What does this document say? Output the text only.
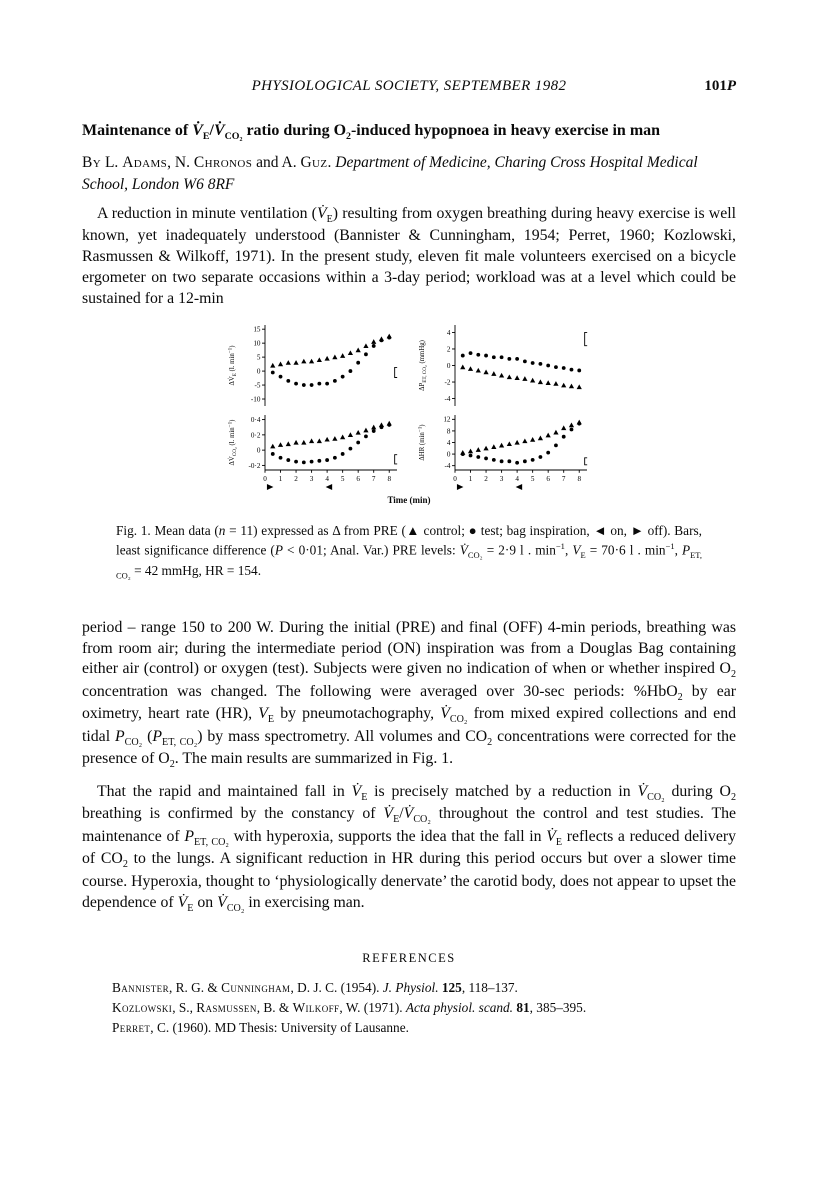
PHYSIOLOGICAL SOCIETY, SEPTEMBER 1982	101P
Maintenance of $V̇_E/V̇_{CO_2}$ ratio during $O_2$-induced hypopnoea in heavy exercise in man

By L. Adams, N. Chronos and A. Guz. Department of Medicine, Charing Cross Hospital Medical School, London W6 8RF

A reduction in minute ventilation $(V̇_E)$ resulting from oxygen breathing during heavy exercise is well known, yet inadequately understood (Bannister & Cunningham, 1954; Perret, 1960; Kozlowski, Rasmussen & Wilkoff, 1971). In the present study, eleven fit male volunteers exercised on a bicycle ergometer on two separate occasions within a 3-day period; workload was at a level which could be sustained for a 12-min

15
10
5
0
-5
-10
$\Delta V̇_E$ (l. $\min^{-1}$)
4
2
0
-2
-4
$\Delta P_{ET, CO_2}$ (mmHg)
0·4
0·2
0
-0·2
0 1 2 3 4 5 6 7 8
$\Delta V̇_{CO_2}$ (l. $\min^{-1}$)	12
8
4
0
-4
0 1 2 3 4 5 6 7 8
ΔHR $(\min^{-1})$
Time (min)
Fig. 1. Mean data (n = 11) expressed as Δ from PRE (▲ control; ● test; bag inspiration, ◄ on, ► off). Bars, least significance difference (P < 0·01; Anal. Var.) PRE levels: $V̇_{CO_2} = 2\cdot 9$ l . $\min^{-1}$, $V_E = 70\cdot 6$ l . $\min^{-1}$, $P_{ET, CO_2} = 42$ mmHg, HR = 154.

period – range 150 to 200 W. During the initial (PRE) and final (OFF) 4-min periods, breathing was from room air; during the intermediate period (ON) inspiration was from a Douglas Bag containing either air (control) or oxygen (test). Subjects were given no indication of when or whether inspired $O_2$ concentration was changed. The following were averaged over 30-sec periods: %HbO$_2$ by ear oximetry, heart rate (HR), $V_E$ by pneumotachography, $V̇_{CO_2}$ from mixed expired collections and end tidal $P_{CO_2}$ $(P_{ET, CO_2})$ by mass spectrometry. All volumes and $CO_2$ concentrations were corrected for the presence of $O_2$. The main results are summarized in Fig. 1.

That the rapid and maintained fall in $V̇_E$ is precisely matched by a reduction in $V̇_{CO_2}$ during $O_2$ breathing is confirmed by the constancy of $V̇_E/V̇_{CO_2}$ throughout the control and test studies. The maintenance of $P_{ET, CO_2}$ with hyperoxia, supports the idea that the fall in $V̇_E$ reflects a reduced delivery of $CO_2$ to the lungs. A significant reduction in HR during this period occurs but over a slower time course. Hyperoxia, thought to ‘physiologically denervate’ the carotid body, does not appear to upset the dependence of $V̇_E$ on $V̇_{CO_2}$ in exercising man.

REFERENCES
Bannister, R. G. & Cunningham, D. J. C. (1954). J. Physiol. 125, 118–137.
Kozlowski, S., Rasmussen, B. & Wilkoff, W. (1971). Acta physiol. scand. 81, 385–395.
Perret, C. (1960). MD Thesis: University of Lausanne.
